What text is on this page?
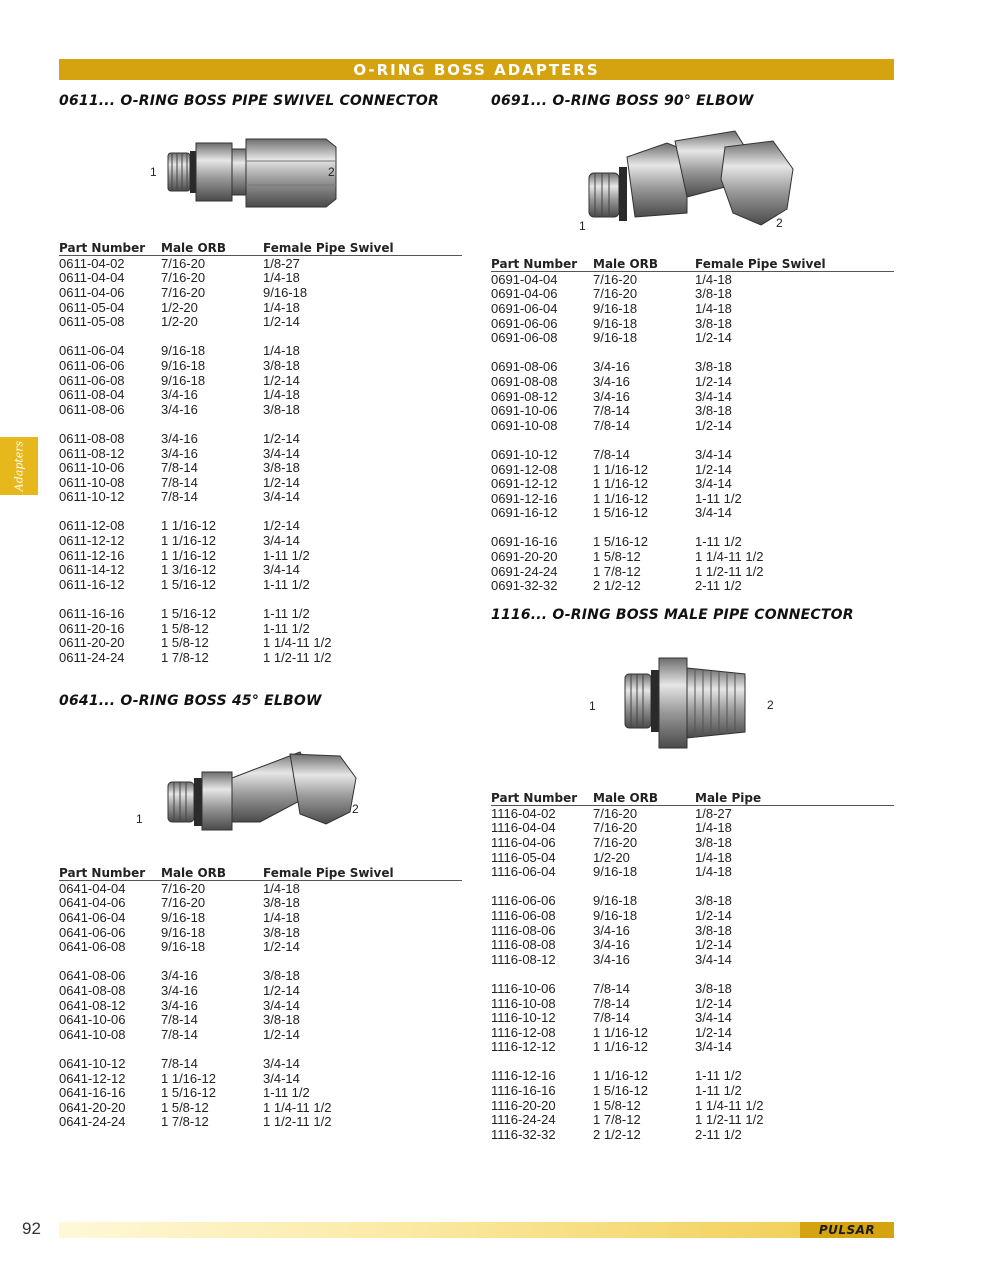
O-RING BOSS ADAPTERS
Adapters
0611... O-RING BOSS PIPE SWIVEL CONNECTOR
1	2
Part Number	Male ORB	Female Pipe Swivel
0611-04-02	7/16-20	1/8-27
0611-04-04	7/16-20	1/4-18
0611-04-06	7/16-20	9/16-18
0611-05-04	1/2-20	1/4-18
0611-05-08	1/2-20	1/2-14
0611-06-04	9/16-18	1/4-18
0611-06-06	9/16-18	3/8-18
0611-06-08	9/16-18	1/2-14
0611-08-04	3/4-16	1/4-18
0611-08-06	3/4-16	3/8-18
0611-08-08	3/4-16	1/2-14
0611-08-12	3/4-16	3/4-14
0611-10-06	7/8-14	3/8-18
0611-10-08	7/8-14	1/2-14
0611-10-12	7/8-14	3/4-14
0611-12-08	1 1/16-12	1/2-14
0611-12-12	1 1/16-12	3/4-14
0611-12-16	1 1/16-12	1-11 1/2
0611-14-12	1 3/16-12	3/4-14
0611-16-12	1 5/16-12	1-11 1/2
0611-16-16	1 5/16-12	1-11 1/2
0611-20-16	1 5/8-12	1-11 1/2
0611-20-20	1 5/8-12	1 1/4-11 1/2
0611-24-24	1 7/8-12	1 1/2-11 1/2
0641... O-RING BOSS 45° ELBOW
1
2
Part Number	Male ORB	Female Pipe Swivel
0641-04-04	7/16-20	1/4-18
0641-04-06	7/16-20	3/8-18
0641-06-04	9/16-18	1/4-18
0641-06-06	9/16-18	3/8-18
0641-06-08	9/16-18	1/2-14
0641-08-06	3/4-16	3/8-18
0641-08-08	3/4-16	1/2-14
0641-08-12	3/4-16	3/4-14
0641-10-06	7/8-14	3/8-18
0641-10-08	7/8-14	1/2-14
0641-10-12	7/8-14	3/4-14
0641-12-12	1 1/16-12	3/4-14
0641-16-16	1 5/16-12	1-11 1/2
0641-20-20	1 5/8-12	1 1/4-11 1/2
0641-24-24	1 7/8-12	1 1/2-11 1/2
0691... O-RING BOSS 90° ELBOW
1	2
Part Number	Male ORB	Female Pipe Swivel
0691-04-04	7/16-20	1/4-18
0691-04-06	7/16-20	3/8-18
0691-06-04	9/16-18	1/4-18
0691-06-06	9/16-18	3/8-18
0691-06-08	9/16-18	1/2-14
0691-08-06	3/4-16	3/8-18
0691-08-08	3/4-16	1/2-14
0691-08-12	3/4-16	3/4-14
0691-10-06	7/8-14	3/8-18
0691-10-08	7/8-14	1/2-14
0691-10-12	7/8-14	3/4-14
0691-12-08	1 1/16-12	1/2-14
0691-12-12	1 1/16-12	3/4-14
0691-12-16	1 1/16-12	1-11 1/2
0691-16-12	1 5/16-12	3/4-14
0691-16-16	1 5/16-12	1-11 1/2
0691-20-20	1 5/8-12	1 1/4-11 1/2
0691-24-24	1 7/8-12	1 1/2-11 1/2
0691-32-32	2 1/2-12	2-11 1/2
1116... O-RING BOSS MALE PIPE CONNECTOR
1	2
Part Number	Male ORB	Male Pipe
1116-04-02	7/16-20	1/8-27
1116-04-04	7/16-20	1/4-18
1116-04-06	7/16-20	3/8-18
1116-05-04	1/2-20	1/4-18
1116-06-04	9/16-18	1/4-18
1116-06-06	9/16-18	3/8-18
1116-06-08	9/16-18	1/2-14
1116-08-06	3/4-16	3/8-18
1116-08-08	3/4-16	1/2-14
1116-08-12	3/4-16	3/4-14
1116-10-06	7/8-14	3/8-18
1116-10-08	7/8-14	1/2-14
1116-10-12	7/8-14	3/4-14
1116-12-08	1 1/16-12	1/2-14
1116-12-12	1 1/16-12	3/4-14
1116-12-16	1 1/16-12	1-11 1/2
1116-16-16	1 5/16-12	1-11 1/2
1116-20-20	1 5/8-12	1 1/4-11 1/2
1116-24-24	1 7/8-12	1 1/2-11 1/2
1116-32-32	2 1/2-12	2-11 1/2
92	PULSAR
